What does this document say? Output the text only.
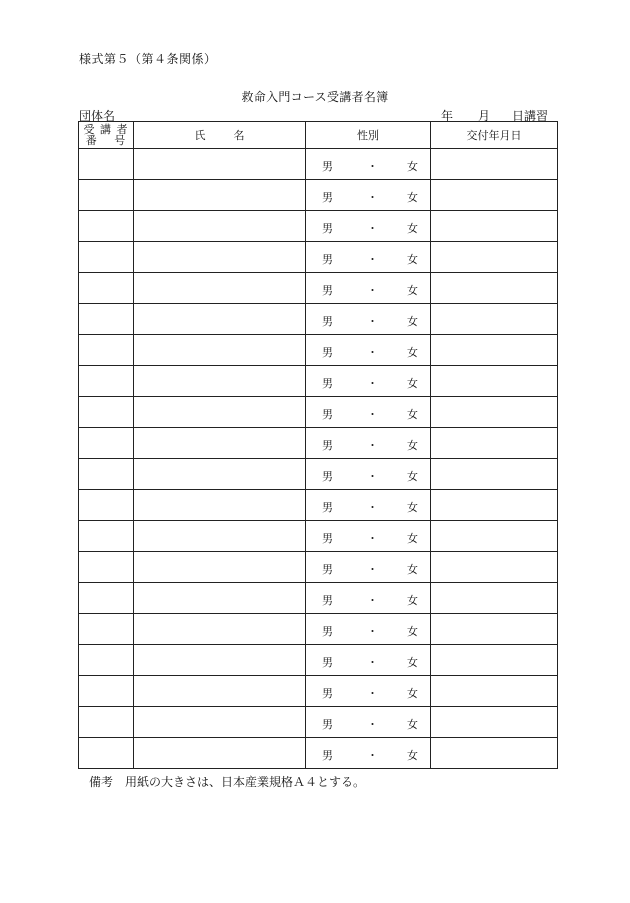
様式第５（第４条関係）
救命入門コース受講者名簿
団体名	年 月 日講習
受 講 者
番　 号	氏 名	性別	交付年月日

		男 ・ 女	

		男 ・ 女	

		男 ・ 女	

		男 ・ 女	

		男 ・ 女	

		男 ・ 女	

		男 ・ 女	

		男 ・ 女	

		男 ・ 女	

		男 ・ 女	

		男 ・ 女	

		男 ・ 女	

		男 ・ 女	

		男 ・ 女	

		男 ・ 女	

		男 ・ 女	

		男 ・ 女	

		男 ・ 女	

		男 ・ 女	

		男 ・ 女	

備考 用紙の大きさは、日本産業規格Ａ４とする。
